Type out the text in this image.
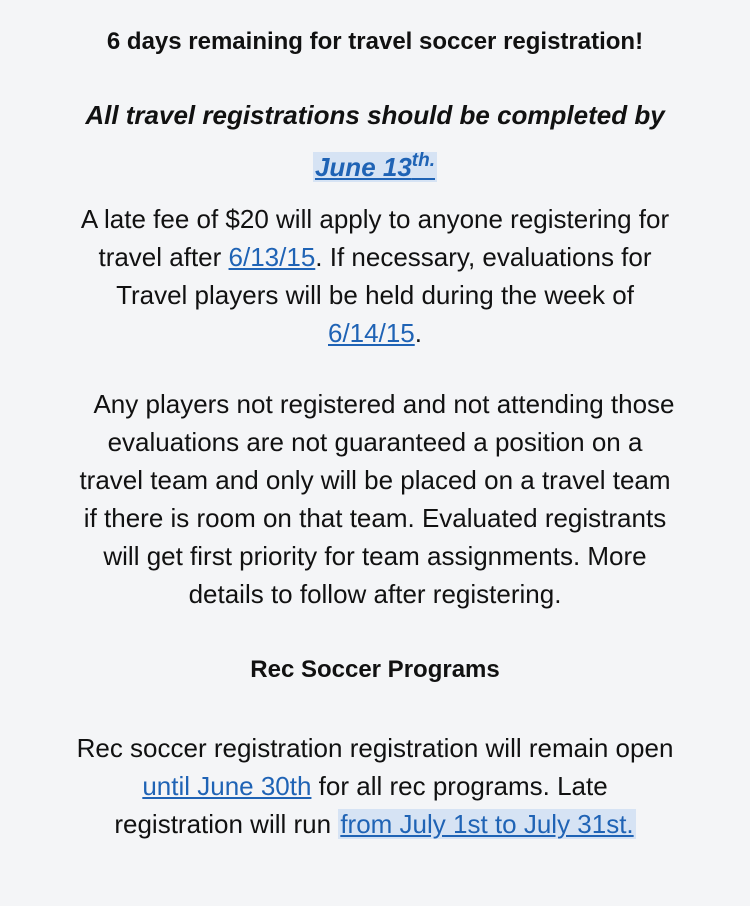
6 days remaining for travel soccer registration!
All travel registrations should be completed by
June $13^{th.}$
A late fee of $20 will apply to anyone registering for
travel after 6/13/15. If necessary, evaluations for
Travel players will be held during the week of
6/14/15.
Any players not registered and not attending those
evaluations are not guaranteed a position on a
travel team and only will be placed on a travel team
if there is room on that team. Evaluated registrants
will get first priority for team assignments. More
details to follow after registering.
Rec Soccer Programs
Rec soccer registration registration will remain open
until June 30th for all rec programs. Late
registration will run from July 1st to July 31st.
